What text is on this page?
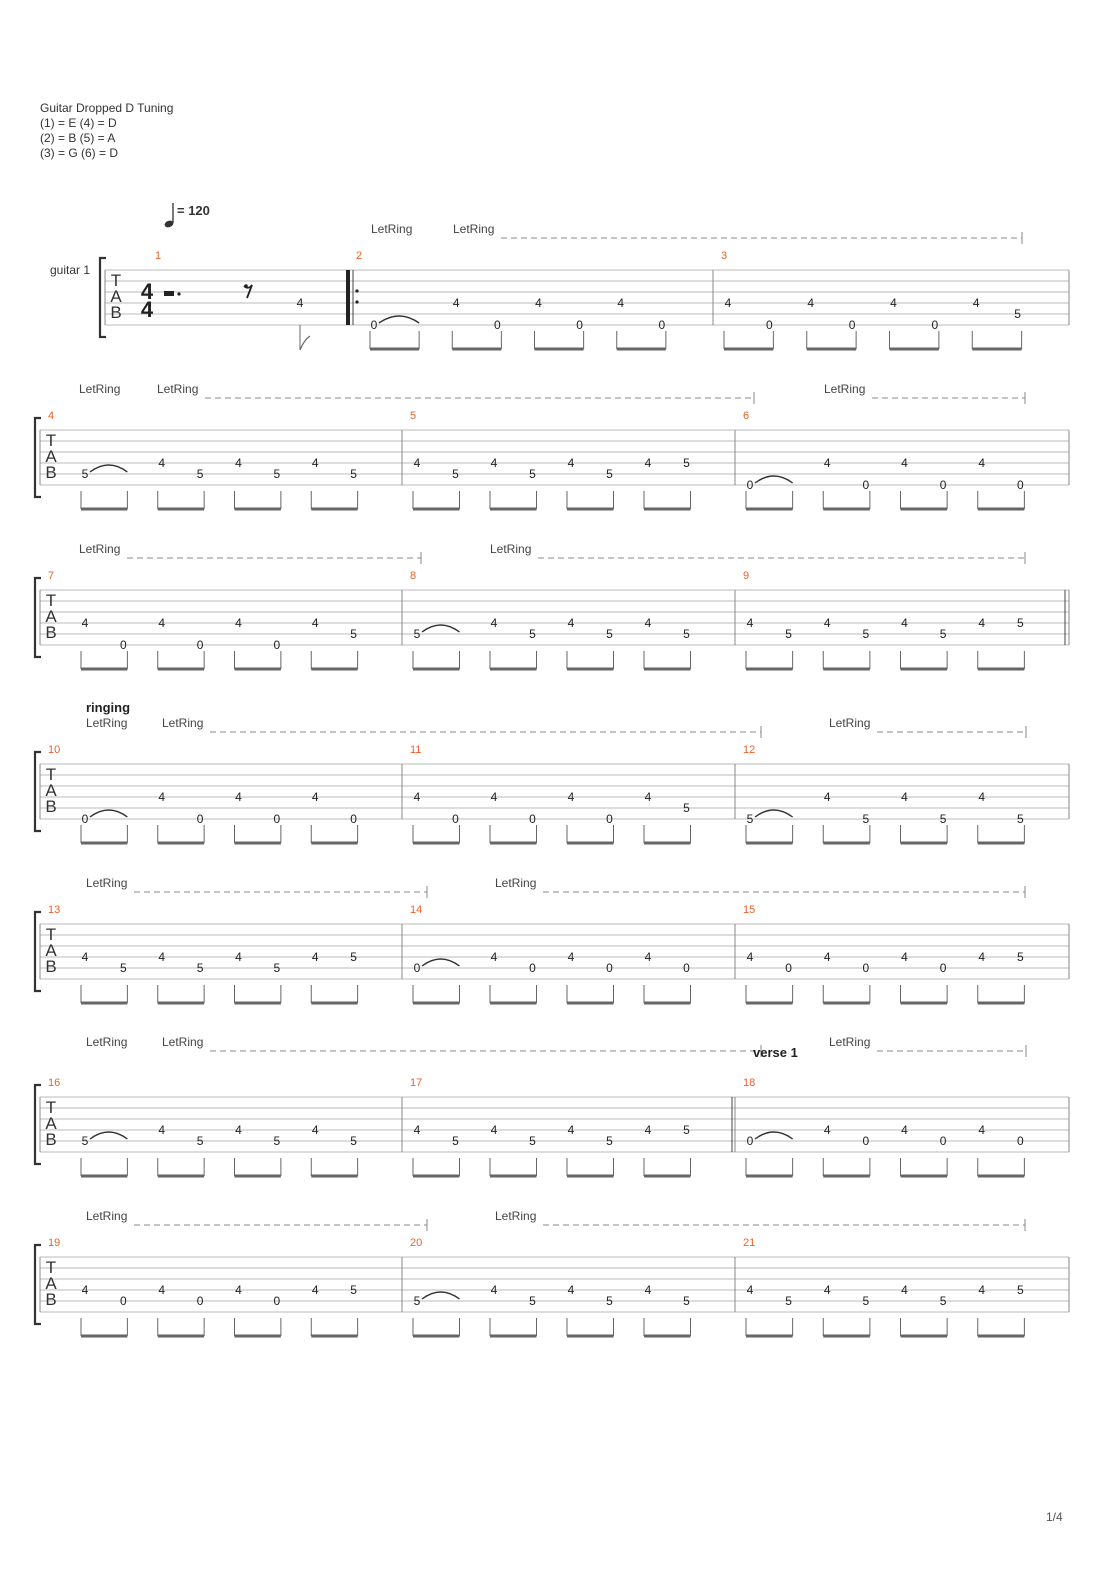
Guitar Dropped D Tuning
(1) = E (4) = D
(2) = B (5) = A
(3) = G (6) = D
= 120
guitar 1
T
A
B
LetRing	LetRing
T
A
B
LetRing	LetRing	LetRing
T
A
B
LetRing	LetRing
T
A
B
LetRing	LetRing	LetRing
T
A
B
LetRing	LetRing
T
A
B
LetRing	LetRing	LetRing
T
A
B
LetRing	LetRing
4
4
ringing
verse 1
1
4
2
0
4
0
4
0
4
0
3
4
0
4
0
4
0
4
5
4
5
4
5
4
5
4
5
5
4
5
4
5
4
5
4	5
6
0
4
0
4
0
4
0
7
4
0
4
0
4
0
4
5
8
5
4
5
4
5
4
5
9
4
5
4
5
4
5
4	5
10
0
4
0
4
0
4
0
11
4
0
4
0
4
0
4
5
12
5
4
5
4
5
4
5
13
4
5
4
5
4
5
4	5
14
0
4
0
4
0
4
0
15
4
0
4
0
4
0
4	5
16
5
4
5
4
5
4
5
17
4
5
4
5
4
5
4	5
18
0
4
0
4
0
4
0
19
4
0
4
0
4
0
4	5
20
5
4
5
4
5
4
5
21
4
5
4
5
4
5
4	5
1/4
